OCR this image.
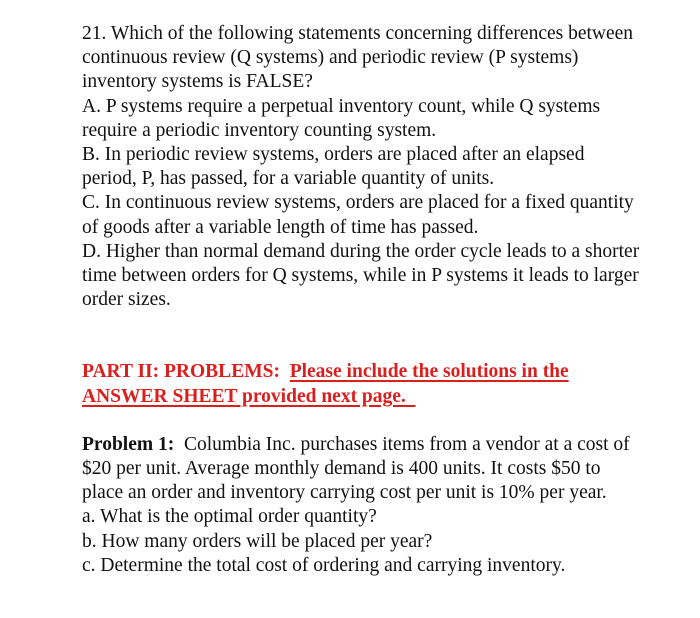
21. Which of the following statements concerning differences between continuous review (Q systems) and periodic review (P systems) inventory systems is FALSE?

A. P systems require a perpetual inventory count, while Q systems require a periodic inventory counting system.

B. In periodic review systems, orders are placed after an elapsed period, P, has passed, for a variable quantity of units.

C. In continuous review systems, orders are placed for a fixed quantity of goods after a variable length of time has passed.

D. Higher than normal demand during the order cycle leads to a shorter time between orders for Q systems, while in P systems it leads to larger order sizes.

PART II: PROBLEMS: Please include the solutions in the ANSWER SHEET provided next page.

Problem 1: Columbia Inc. purchases items from a vendor at a cost of $20 per unit. Average monthly demand is 400 units. It costs $50 to place an order and inventory carrying cost per unit is 10% per year.

a. What is the optimal order quantity?

b. How many orders will be placed per year?

c. Determine the total cost of ordering and carrying inventory.
